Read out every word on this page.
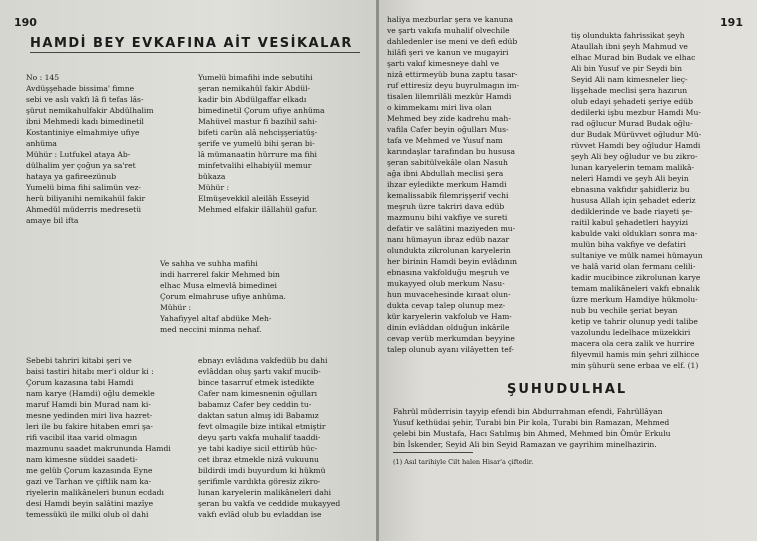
190
HAMDİ BEY EVKAFINA AİT VESİKALAR

No : 145

Avdüşşehade bissima' fimne

sebi ve aslı vakfı lâ fi tefas lâs-

şürut nemikahulfakir Abdülhalim

ibni Mehmedi kadı bimedinetil

Kostantiniye elmahmiye ufiye

anhüma

Mühür : Lutfukel ataya Ab-

dülhalim yer çoğun ya sa'ret

hataya ya gafireezünub

Yumelü bima fihi salimün vez-

herü biliyanihi nemikahül fakir

Ahmedül müderris medresetü

amaye bil ifta

Yumelü bimafihi inde sebutihi

şeran nemikahül fakir Abdül-

kadir bin Abdülgaffar elkadı

bimedinetil Çorum ufiye anhüma

Mahüvel mastur fi bazihil sahi-

bifeti carün alâ nehcişşeriatüş-

şerife ve yumelü bihi şeran bi-

lâ mümanaatin hürrure ma fihi

minfetvalihi elhabiyül memur

bükaza

Mühür :

Elmüşevekkil aleilâh Esseyid

Mehmed elfakir ilâllahül gafur.

Ve sahha ve suhha mafihi

indi harrerel fakir Mehmed bin

elhac Musa elmevlâ bimedinei

Çorum elmahruse ufiye anhüma.

Mühür :

Yahafiyyel altaf abdüke Meh-

med neccini minma nehaf.

Sebebi tahriri kitabi şeri ve

baisi tastiri hitabı mer'i oldur ki :

Çorum kazasına tabi Hamdi

nam karye (Hamdi) oğlu demekle

maruf Hamdi bin Murad nam ki-

mesne yedinden miri liva hazret-

leri ile bu fakire hitaben emri şa-

rifi vacibil itaa varid olmagın

mazmunu saadet makrununda Hamdi

nam kimesne süddei saadeti-

me gelüb Çorum kazasında Eyne

gazi ve Tarhan ve çiftlik nam ka-

riyelerin malikâneleri bunun ecdadı

desi Hamdi beyin salâtini mazîye

temessükü ile milki olub ol dahi

ebnayı evlâdına vakfedüb bu dahi

evlâddan oluş şartı vakıf mucib-

bince tasarruf etmek istedikte

Cafer nam kimesnenin oğulları

babamız Cafer bey ceddin tu-

daktan satun almış idi Babamız

fevt olmagile bize intikal etmiştir

deyu şartı vakfa muhalif taaddi-

ye tabi kadiye sicil ettirüb hüc-

cet ibraz etmekle nizâ vukuunu

bildirdi imdi buyurdum ki hükmü

şerifimle vardıkta göresiz zikro-

lunan karyelerin malikâneleri dahi

şeran bu vakfa ve ceddide mukayyed

vakfı evlâd olub bu evladdan ise

191

haliya mezburlar şera ve kanuna

ve şartı vakıfa muhalif olvechile

dahledenler ise meni ve defi edüb

hilâfi şeri ve kanun ve mugayiri

şartı vakıf kimesneye dahl ve

nizâ ettirmeyüb buna zaptu tasar-

ruf ettiresiz deyu buyrulmagın im-

tisalen lilemrilâli mezkür Hamdi

o kimmekamı miri liva olan

Mehmed bey zide kadrehu mah-

vafila Cafer beyin oğulları Mus-

tafa ve Mehmed ve Yusuf nam

karındaşlar tarafından bu hususa

şeran sabitülvekâle olan Nasuh

ağa ibni Abdullah meclisi şera

ihzar eyledikte merkum Hamdi

kemalissabik filemrişşerif vechi

meşruh üzre takriri dava edüb

mazmunu bihi vakfiye ve sureti

defatir ve salâtini maziyeden mu-

nanı hümayun ibraz edüb nazar

olundukta zikrolunan karyelerin

her birinin Hamdi beyin evlâdının

ebnasına vakfolduğu meşruh ve

mukayyed olub merkum Nasu-

hun muvacehesinde kıraat olun-

dukta cevap talep olunup mez-

kür karyelerin vakfolub ve Ham-

dinin evlâddan olduğun inkârile

cevap verüb merkumdan beyyine

talep olunub ayanı vilâyetten tef-

tiş olundukta fahrissikat şeyh

Ataullah ibni şeyh Mahmud ve

elhac Murad bin Budak ve elhac

Ali bin Yusuf ve pir Seydi bin

Seyid Ali nam kimesneler lieç-

lişşehade meclisi şera hazırun

olub edayi şehadeti şeriye edüb

dedilerki işbu mezbur Hamdi Mu-

rad oğlucur Murad Budak oğlu-

dur Budak Mürüvvet oğludur Mü-

rüvvet Hamdi bey oğludur Hamdi

şeyh Ali bey oğludur ve bu zikro-

lunan karyelerin temam malikâ-

neleri Hamdi ve şeyh Ali beyin

ebnasına vakfıdır şahidleriz bu

hususa Allah için şehadet ederiz

dediklerinde ve bade riayeti şe-

raitil kabul şehadetleri hayyizi

kabulde vaki oldukları sonra ma-

mulün biha vakfiye ve defatiri

sultaniye ve mülk namei hümayun

ve halâ varid olan fermanı celili-

kadir mucibince zikrolunan karye

temam malikâneleri vakfı ebnalık

üzre merkum Hamdiye hükmolu-

nub bu vechile şeriat beyan

ketip ve tahrir olunup yedi talibe

vazolundu ledelhace müzekkiri

macera ola cera zalik ve hurrire

filyevmil hamis min şehri zilhicce

min şühurü sene erbaa ve elf. (1)

ŞUHUDULHAL

Fahrül müderrisin tayyip efendi bin Abdurrahman efendi, Fahrüllâyan

Yusuf kethüdai şehir, Turabi bin Pir kola, Turabi bin Ramazan, Mehmed

çelebi bin Mustafa, Hacı Satılmış bin Ahmed, Mehmed bin Ömür Erkulu

bin İskender, Seyid Ali bin Seyid Ramazan ve gayrihim minelhazirin.

(1) Asıl tarihiyle Cilt halen Hisar'a çiftedir.
